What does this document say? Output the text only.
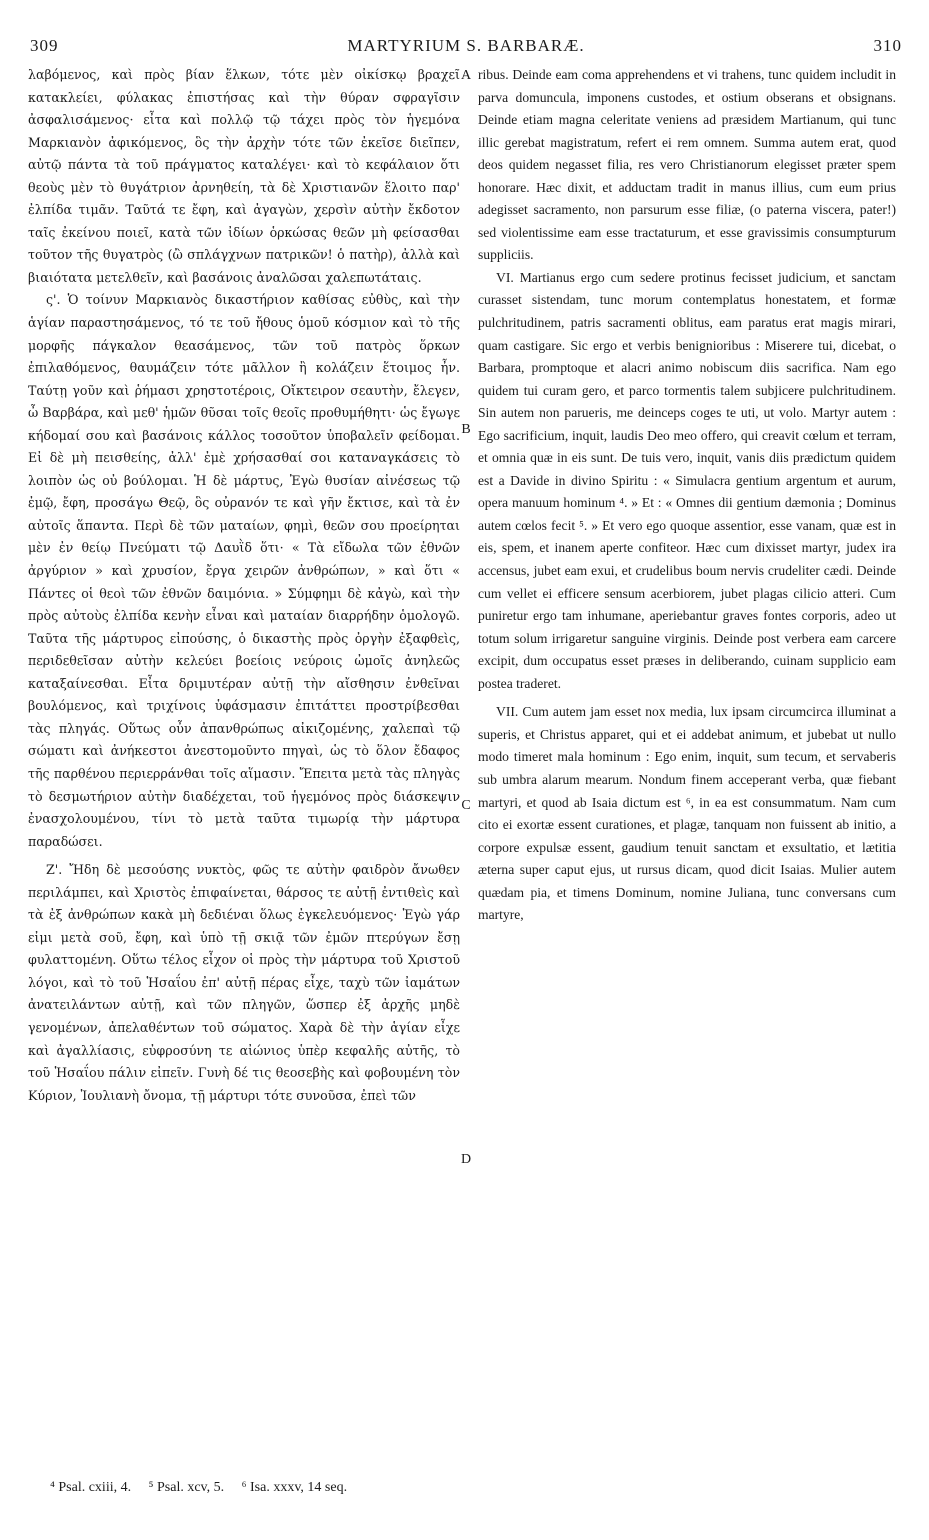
309	MARTYRIUM S. BARBARÆ.	310

λαβόμενος, καὶ πρὸς βίαν ἕλκων, τότε μὲν οἰκίσκῳ βραχεῖ κατακλείει, φύλακας ἐπιστήσας καὶ τὴν θύραν σφραγῖσιν ἀσφαλισάμενος· εἶτα καὶ πολλῷ τῷ τάχει πρὸς τὸν ἡγεμόνα Μαρκιανὸν ἀφικόμενος, ὃς τὴν ἀρχὴν τότε τῶν ἐκεῖσε διεῖπεν, αὐτῷ πάντα τὰ τοῦ πράγματος καταλέγει· καὶ τὸ κεφάλαιον ὅτι θεοὺς μὲν τὸ θυγάτριον ἀρνηθείη, τὰ δὲ Χριστιανῶν ἕλοιτο παρ' ἐλπίδα τιμᾶν. Ταῦτά τε ἔφη, καὶ ἀγαγὼν, χερσὶν αὐτὴν ἔκδοτον ταῖς ἐκείνου ποιεῖ, κατὰ τῶν ἰδίων ὁρκώσας θεῶν μὴ φείσασθαι τοῦτον τῆς θυγατρὸς (ὢ σπλάγχνων πατρικῶν! ὁ πατὴρ), ἀλλὰ καὶ βιαιότατα μετελθεῖν, καὶ βασάνοις ἀναλῶσαι χαλεπωτάταις.

ς'. Ὁ τοίνυν Μαρκιανὸς δικαστήριον καθίσας εὐθὺς, καὶ τὴν ἁγίαν παραστησάμενος, τό τε τοῦ ἤθους ὁμοῦ κόσμιον καὶ τὸ τῆς μορφῆς πάγκαλον θεασάμενος, τῶν τοῦ πατρὸς ὅρκων ἐπιλαθόμενος, θαυμάζειν τότε μᾶλλον ἢ κολάζειν ἕτοιμος ἦν. Ταύτῃ γοῦν καὶ ῥήμασι χρηστοτέροις, Οἴκτειρον σεαυτὴν, ἔλεγεν, ὦ Βαρβάρα, καὶ μεθ' ἡμῶν θῦσαι τοῖς θεοῖς προθυμήθητι· ὡς ἔγωγε κήδομαί σου καὶ βασάνοις κάλλος τοσοῦτον ὑποβαλεῖν φείδομαι. Εἰ δὲ μὴ πεισθείης, ἀλλ' ἐμὲ χρήσασθαί σοι καταναγκάσεις τὸ λοιπὸν ὡς οὐ βούλομαι. Ἡ δὲ μάρτυς, Ἐγὼ θυσίαν αἰνέσεως τῷ ἐμῷ, ἔφη, προσάγω Θεῷ, ὃς οὐρανόν τε καὶ γῆν ἔκτισε, καὶ τὰ ἐν αὐτοῖς ἅπαντα. Περὶ δὲ τῶν ματαίων, φημὶ, θεῶν σου προείρηται μὲν ἐν θείῳ Πνεύματι τῷ Δαυῒδ ὅτι· « Τὰ εἴδωλα τῶν ἐθνῶν ἀργύριον » καὶ χρυσίον, ἔργα χειρῶν ἀνθρώπων, » καὶ ὅτι « Πάντες οἱ θεοὶ τῶν ἐθνῶν δαιμόνια. » Σύμφημι δὲ κἀγὼ, καὶ τὴν πρὸς αὐτοὺς ἐλπίδα κενὴν εἶναι καὶ ματαίαν διαρρήδην ὁμολογῶ. Ταῦτα τῆς μάρτυρος εἰπούσης, ὁ δικαστὴς πρὸς ὀργὴν ἐξαφθεὶς, περιδεθεῖσαν αὐτὴν κελεύει βοείοις νεύροις ὠμοῖς ἀνηλεῶς καταξαίνεσθαι. Εἶτα δριμυτέραν αὐτῇ τὴν αἴσθησιν ἐνθεῖναι βουλόμενος, καὶ τριχίνοις ὑφάσμασιν ἐπιτάττει προστρίβεσθαι τὰς πληγάς. Οὕτως οὖν ἀπανθρώπως αἰκιζομένης, χαλεπαὶ τῷ σώματι καὶ ἀνήκεστοι ἀνεστομοῦντο πηγαὶ, ὡς τὸ ὅλον ἔδαφος τῆς παρθένου περιερράνθαι τοῖς αἵμασιν. Ἔπειτα μετὰ τὰς πληγὰς τὸ δεσμωτήριον αὐτὴν διαδέχεται, τοῦ ἡγεμόνος πρὸς διάσκεψιν ἐνασχολουμένου, τίνι τὸ μετὰ ταῦτα τιμωρίᾳ τὴν μάρτυρα παραδώσει.

Ζ'. Ἤδη δὲ μεσούσης νυκτὸς, φῶς τε αὐτὴν φαιδρὸν ἄνωθεν περιλάμπει, καὶ Χριστὸς ἐπιφαίνεται, θάρσος τε αὐτῇ ἐντιθεὶς καὶ τὰ ἐξ ἀνθρώπων κακὰ μὴ δεδιέναι ὅλως ἐγκελευόμενος· Ἐγὼ γάρ εἰμι μετὰ σοῦ, ἔφη, καὶ ὑπὸ τῇ σκιᾷ τῶν ἐμῶν πτερύγων ἔσῃ φυλαττομένη. Οὕτω τέλος εἶχον οἱ πρὸς τὴν μάρτυρα τοῦ Χριστοῦ λόγοι, καὶ τὸ τοῦ Ἡσαΐου ἐπ' αὐτῇ πέρας εἶχε, ταχὺ τῶν ἰαμάτων ἀνατειλάντων αὐτῇ, καὶ τῶν πληγῶν, ὥσπερ ἐξ ἀρχῆς μηδὲ γενομένων, ἀπελαθέντων τοῦ σώματος. Χαρὰ δὲ τὴν ἁγίαν εἶχε καὶ ἀγαλλίασις, εὐφροσύνη τε αἰώνιος ὑπὲρ κεφαλῆς αὐτῆς, τὸ τοῦ Ἡσαΐου πάλιν εἰπεῖν. Γυνὴ δέ τις θεοσεβὴς καὶ φοβουμένη τὸν Κύριον, Ἰουλιανὴ ὄνομα, τῇ μάρτυρι τότε συνοῦσα, ἐπεὶ τῶν

ribus. Deinde eam coma apprehendens et vi trahens, tunc quidem includit in parva domuncula, imponens custodes, et ostium obserans et obsignans. Deinde etiam magna celeritate veniens ad præsidem Martianum, qui tunc illic gerebat magistratum, refert ei rem omnem. Summa autem erat, quod deos quidem negasset filia, res vero Christianorum elegisset præter spem honorare. Hæc dixit, et adductam tradit in manus illius, cum eum prius adegisset sacramento, non parsurum esse filiæ, (o paterna viscera, pater!) sed violentissime eam esse tractaturum, et esse gravissimis consumpturum suppliciis.

VI. Martianus ergo cum sedere protinus fecisset judicium, et sanctam curasset sistendam, tunc morum contemplatus honestatem, et formæ pulchritudinem, patris sacramenti oblitus, eam paratus erat magis mirari, quam castigare. Sic ergo et verbis benignioribus : Miserere tui, dicebat, o Barbara, promptoque et alacri animo nobiscum diis sacrifica. Nam ego quidem tui curam gero, et parco tormentis talem subjicere pulchritudinem. Sin autem non parueris, me deinceps coges te uti, ut volo. Martyr autem : Ego sacrificium, inquit, laudis Deo meo offero, qui creavit cœlum et terram, et omnia quæ in eis sunt. De tuis vero, inquit, vanis diis prædictum quidem est a Davide in divino Spiritu : « Simulacra gentium argentum et aurum, opera manuum hominum ⁴. » Et : « Omnes dii gentium dæmonia ; Dominus autem cœlos fecit ⁵. » Et vero ego quoque assentior, esse vanam, quæ est in eis, spem, et inanem aperte confiteor. Hæc cum dixisset martyr, judex ira accensus, jubet eam exui, et crudelibus boum nervis crudeliter cædi. Deinde cum vellet ei efficere sensum acerbiorem, jubet plagas cilicio atteri. Cum puniretur ergo tam inhumane, aperiebantur graves fontes corporis, adeo ut totum solum irrigaretur sanguine virginis. Deinde post verbera eam carcere excipit, dum occupatus esset præses in deliberando, cuinam supplicio eam postea traderet.

VII. Cum autem jam esset nox media, lux ipsam circumcirca illuminat a superis, et Christus apparet, qui et ei addebat animum, et jubebat ut nullo modo timeret mala hominum : Ego enim, inquit, sum tecum, et servaberis sub umbra alarum mearum. Nondum finem acceperant verba, quæ fiebant martyri, et quod ab Isaia dictum est ⁶, in ea est consummatum. Nam cum cito ei exortæ essent curationes, et plagæ, tanquam non fuissent ab initio, a corpore expulsæ essent, gaudium tenuit sanctam et exsultatio, et lætitia æterna super caput ejus, ut rursus dicam, quod dicit Isaias. Mulier autem quædam pia, et timens Dominum, nomine Juliana, tunc conversans cum martyre,

A
B
C
D
⁴ Psal. cxiii, 4. ⁵ Psal. xcv, 5. ⁶ Isa. xxxv, 14 seq.
